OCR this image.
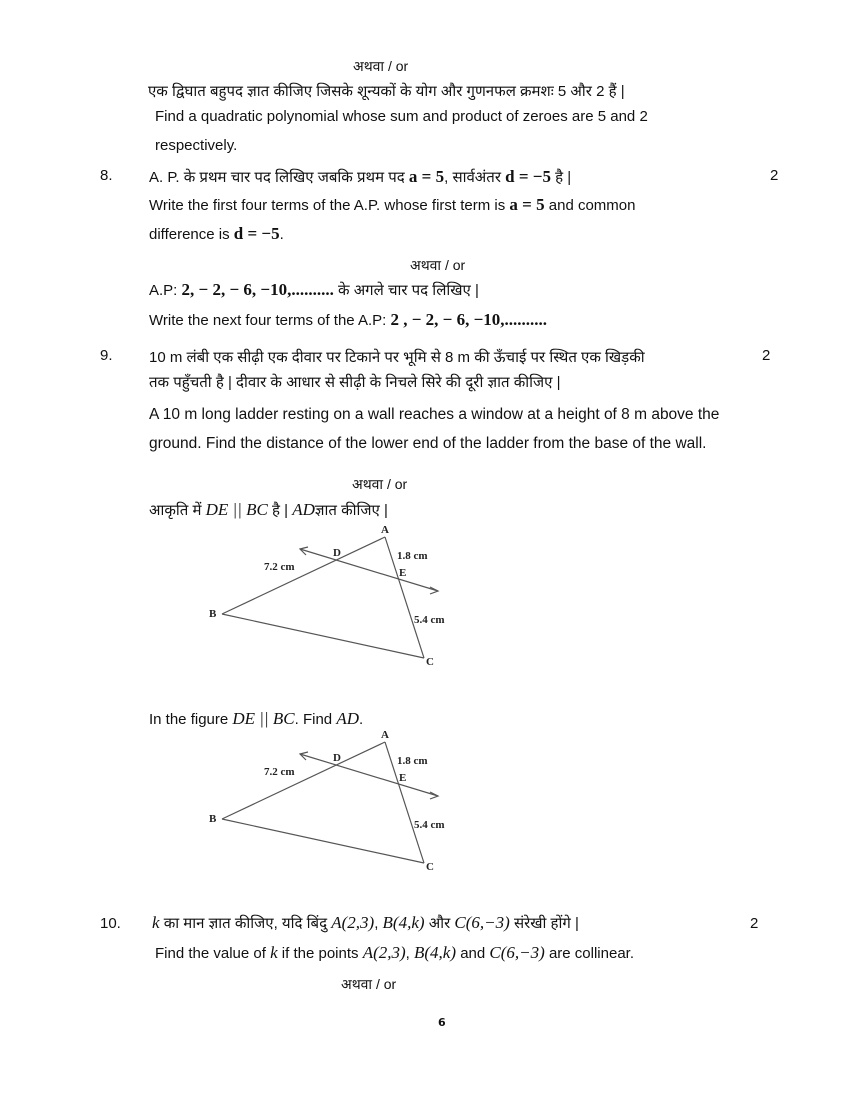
अथवा / or
एक द्विघात बहुपद ज्ञात कीजिए जिसके शून्यकों के योग और गुणनफल क्रमशः 5 और 2 हैं |
Find a quadratic polynomial whose sum and product of zeroes are 5 and 2
respectively.
8. A. P. के प्रथम चार पद लिखिए जबकि प्रथम पद a = 5, सार्वअंतर d = −5 है |	2
Write the first four terms of the A.P. whose first term is a = 5 and common
difference is d = −5.
अथवा / or
A.P: 2, − 2, − 6, −10,.......... के अगले चार पद लिखिए |
Write the next four terms of the A.P: 2 , − 2, − 6, −10,..........
9. 10 m लंबी एक सीढ़ी एक दीवार पर टिकाने पर भूमि से 8 m की ऊँचाई पर स्थित एक खिड़की	2
तक पहुँचती है | दीवार के आधार से सीढ़ी के निचले सिरे की दूरी ज्ञात कीजिए |
A 10 m long ladder resting on a wall reaches a window at a height of 8 m above the
ground. Find the distance of the lower end of the ladder from the base of the wall.
अथवा / or
आकृति में DE || BC है | ADज्ञात कीजिए |
A
B
C
D
E
7.2 cm
1.8 cm
5.4 cm
In the figure DE || BC. Find AD.
A
B
C
D
E
7.2 cm
1.8 cm
5.4 cm
10. k का मान ज्ञात कीजिए, यदि बिंदु A(2,3), B(4,k) और C(6,−3) संरेखी होंगे |	2
Find the value of k if the points A(2,3), B(4,k) and C(6,−3) are collinear.
अथवा / or
6
